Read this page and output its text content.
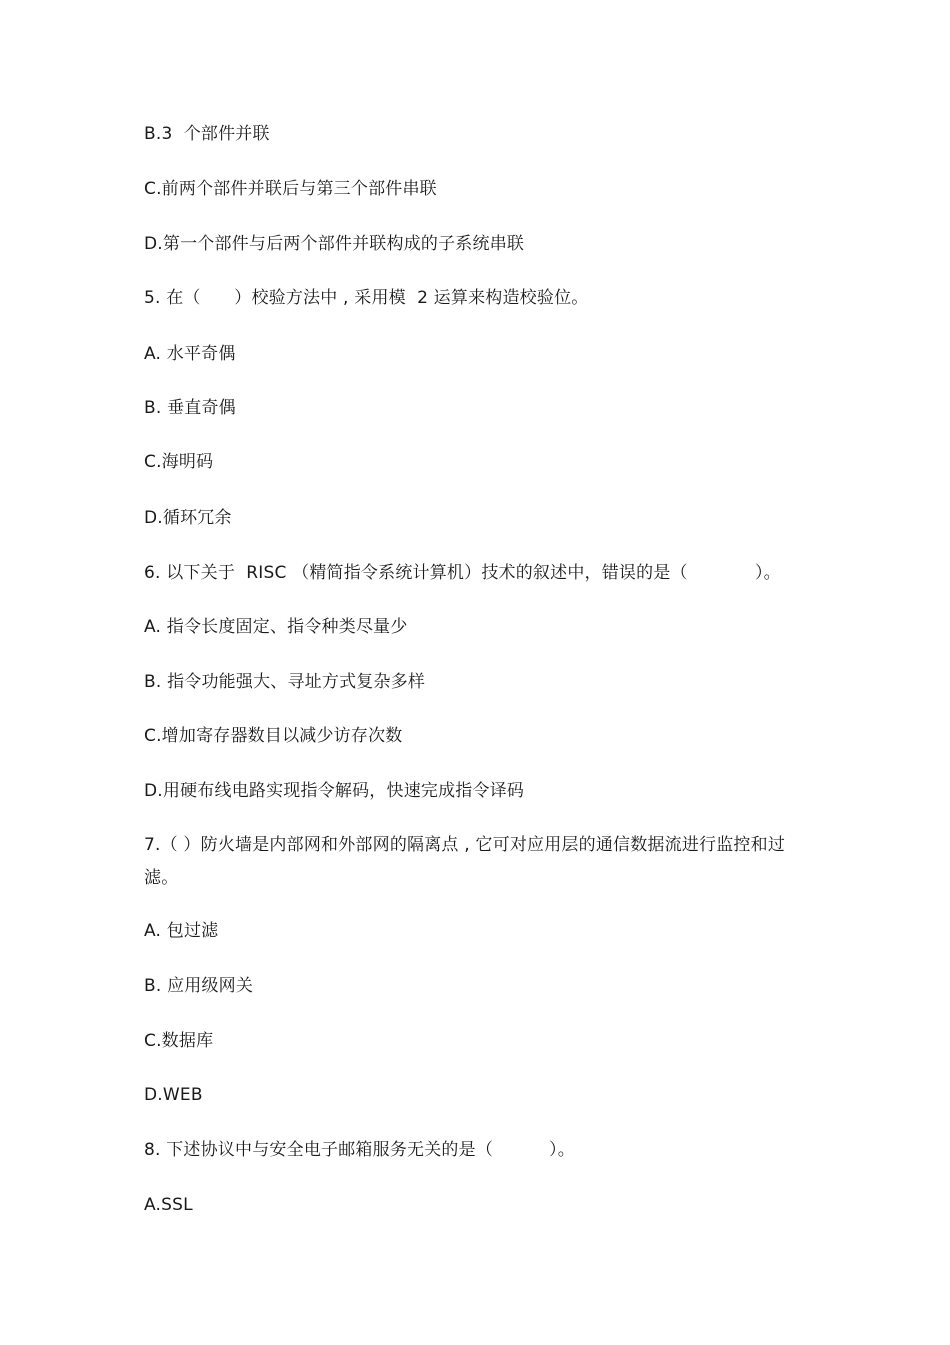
B.3  个部件并联
C.前两个部件并联后与第三个部件串联
D.第一个部件与后两个部件并联构成的子系统串联
5. 在（      ）校验方法中 , 采用模  2 运算来构造校验位。
A. 水平奇偶
B. 垂直奇偶
C.海明码
D.循环冗余
6. 以下关于  RISC （精简指令系统计算机）技术的叙述中，错误的是（            ）。
A. 指令长度固定、指令种类尽量少
B. 指令功能强大、寻址方式复杂多样
C.增加寄存器数目以减少访存次数
D.用硬布线电路实现指令解码，快速完成指令译码
7.（ ）防火墙是内部网和外部网的隔离点 , 它可对应用层的通信数据流进行监控和过滤。
A. 包过滤
B. 应用级网关
C.数据库
D.WEB
8. 下述协议中与安全电子邮箱服务无关的是（          ）。
A.SSL
